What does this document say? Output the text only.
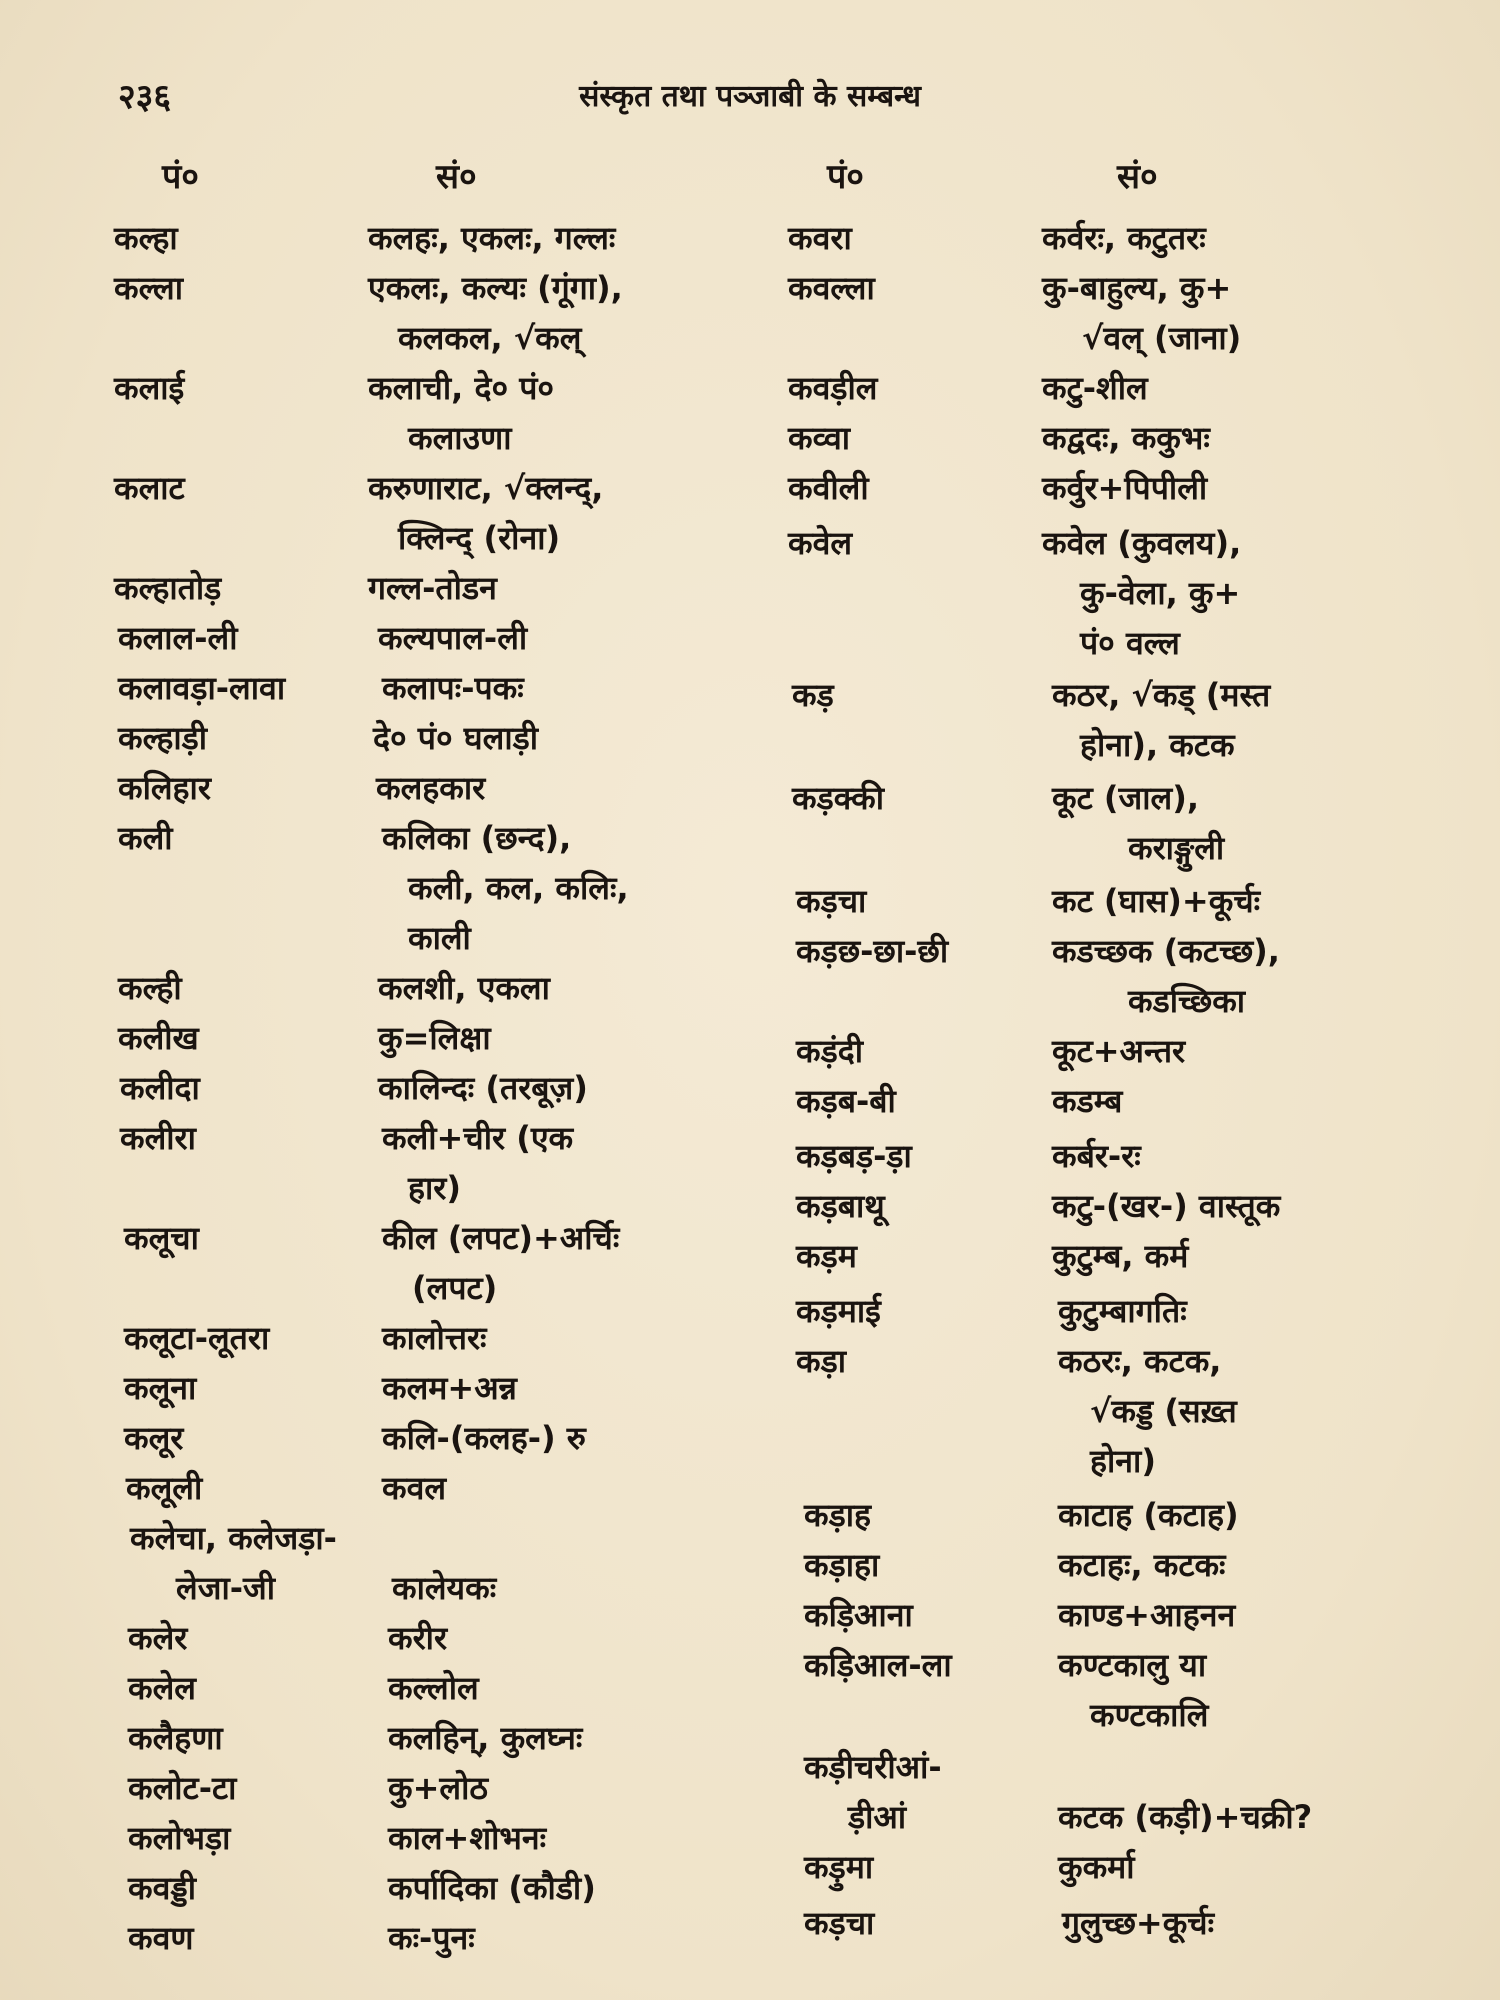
२३६	संस्कृत तथा पञ्जाबी के सम्बन्ध
पं०	सं०	पं०	सं०
कल्हा	कलहः, एकलः, गल्लः
कल्ला	एकलः, कल्यः (गूंगा),
कलकल, √कल्
कलाई	कलाची, दे० पं०
कलाउणा
कलाट	करुणाराट, √क्लन्द्,
क्लिन्द् (रोना)
कल्हातोड़	गल्ल-तोडन
कलाल-ली	कल्यपाल-ली
कलावड़ा-लावा	कलापः-पकः
कल्हाड़ी	दे० पं० घलाड़ी
कलिहार	कलहकार
कली	कलिका (छन्द),
कली, कल, कलिः,
काली
कल्ही	कलशी, एकला
कलीख	कु=लिक्षा
कलीदा	कालिन्दः (तरबूज़)
कलीरा	कली+चीर (एक
हार)
कलूचा	कील (लपट)+अर्चिः
(लपट)
कलूटा-लूतरा	कालोत्तरः
कलूना	कलम+अन्न
कलूर	कलि-(कलह-) रु
कलूली	कवल
कलेचा, कलेजड़ा-
लेजा-जी	कालेयकः
कलेर	करीर
कलेल	कल्लोल
कलैहणा	कलहिन्, कुलघ्नः
कलोट-टा	कु+लोठ
कलोभड़ा	काल+शोभनः
कवड्डी	कर्पादिका (कौडी)
कवण	कः-पुनः
कवरा	कर्वरः, कटुतरः
कवल्ला	कु-बाहुल्य, कु+
√वल् (जाना)
कवड़ील	कटु-शील
कव्वा	कद्वदः, ककुभः
कवीली	कर्वुर+पिपीली
कवेल	कवेल (कुवलय),
कु-वेला, कु+
पं० वल्ल
कड़	कठर, √कड् (मस्त
होना), कटक
कड़क्की	कूट (जाल),
कराङ्गुली
कड़चा	कट (घास)+कूर्चः
कड़छ-छा-छी	कडच्छक (कटच्छ),
कडच्छिका
कड़ंदी	कूट+अन्तर
कड़ब-बी	कडम्ब
कड़बड़-ड़ा	कर्बर-रः
कड़बाथू	कटु-(खर-) वास्तूक
कड़म	कुटुम्ब, कर्म
कड़माई	कुटुम्बागतिः
कड़ा	कठरः, कटक,
√कड्ड (सख़्त
होना)
कड़ाह	काटाह (कटाह)
कड़ाहा	कटाहः, कटकः
कड़िआना	काण्ड+आहनन
कड़िआल-ला	कण्टकालु या
कण्टकालि
कड़ीचरीआं-
ड़ीआं	कटक (कड़ी)+चक्री?
कड़ुमा	कुकर्मा
कड़चा	गुलुच्छ+कूर्चः
